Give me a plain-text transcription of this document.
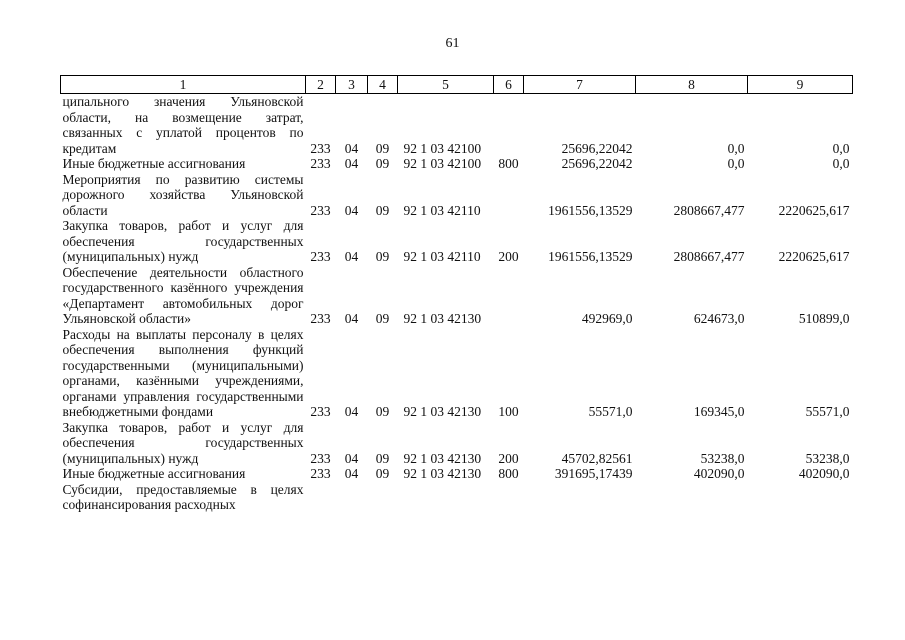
61
1	2	3	4	5	6	7	8	9
ципального значения Ульяновской области, на возмещение затрат, связанных с уплатой процентов по кредитам	233	04	09	92 1 03 42100		25696,22042	0,0	0,0
Иные бюджетные ассигнования	233	04	09	92 1 03 42100	800	25696,22042	0,0	0,0
Мероприятия по развитию системы дорожного хозяйства Ульяновской области	233	04	09	92 1 03 42110		1961556,13529	2808667,477	2220625,617
Закупка товаров, работ и услуг для обеспечения государственных (муниципальных) нужд	233	04	09	92 1 03 42110	200	1961556,13529	2808667,477	2220625,617
Обеспечение деятельности областного государственного казённого учреждения «Департамент автомобильных дорог Ульяновской области»	233	04	09	92 1 03 42130		492969,0	624673,0	510899,0
Расходы на выплаты персоналу в целях обеспечения выполнения функций государственными (муниципальными) органами, казёнными учреждениями, органами управления государственными внебюджетными фондами	233	04	09	92 1 03 42130	100	55571,0	169345,0	55571,0
Закупка товаров, работ и услуг для обеспечения государственных (муниципальных) нужд	233	04	09	92 1 03 42130	200	45702,82561	53238,0	53238,0
Иные бюджетные ассигнования	233	04	09	92 1 03 42130	800	391695,17439	402090,0	402090,0
Субсидии, предоставляемые в целях софинансирования расходных								
